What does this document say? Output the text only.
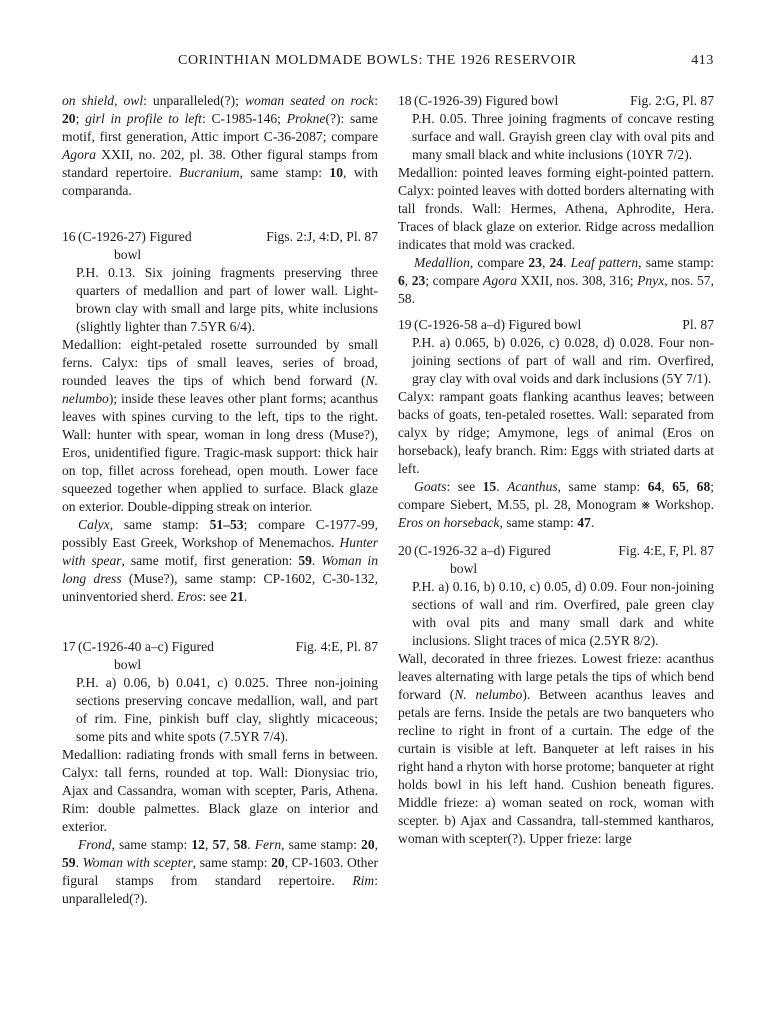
CORINTHIAN MOLDMADE BOWLS: THE 1926 RESERVOIR	413

on shield, owl: unparalleled(?); woman seated on rock: 20; girl in profile to left: C-1985-146; Prokne(?): same motif, first generation, Attic import C-36-2087; compare Agora XXII, no. 202, pl. 38. Other figural stamps from standard repertoire. Bucranium, same stamp: 10, with comparanda.

16 (C-1926-27) Figured
bowl
Figs. 2:J, 4:D, Pl. 87

P.H. 0.13. Six joining fragments preserving three quarters of medallion and part of lower wall. Light-brown clay with small and large pits, white inclusions (slightly lighter than 7.5YR 6/4).

Medallion: eight-petaled rosette surrounded by small ferns. Calyx: tips of small leaves, series of broad, rounded leaves the tips of which bend forward (N. nelumbo); inside these leaves other plant forms; acanthus leaves with spines curving to the left, tips to the right. Wall: hunter with spear, woman in long dress (Muse?), Eros, unidentified figure. Tragic-mask support: thick hair on top, fillet across forehead, open mouth. Lower face squeezed together when applied to surface. Black glaze on exterior. Double-dipping streak on interior.

Calyx, same stamp: 51–53; compare C-1977-99, possibly East Greek, Workshop of Menemachos. Hunter with spear, same motif, first generation: 59. Woman in long dress (Muse?), same stamp: CP-1602, C-30-132, uninventoried sherd. Eros: see 21.

17 (C-1926-40 a–c) Figured
bowl
Fig. 4:E, Pl. 87

P.H. a) 0.06, b) 0.041, c) 0.025. Three non-joining sections preserving concave medallion, wall, and part of rim. Fine, pinkish buff clay, slightly micaceous; some pits and white spots (7.5YR 7/4).

Medallion: radiating fronds with small ferns in between. Calyx: tall ferns, rounded at top. Wall: Dionysiac trio, Ajax and Cassandra, woman with scepter, Paris, Athena. Rim: double palmettes. Black glaze on interior and exterior.

Frond, same stamp: 12, 57, 58. Fern, same stamp: 20, 59. Woman with scepter, same stamp: 20, CP-1603. Other figural stamps from standard repertoire. Rim: unparalleled(?).

18 (C-1926-39) Figured bowl	Fig. 2:G, Pl. 87

P.H. 0.05. Three joining fragments of concave resting surface and wall. Grayish green clay with oval pits and many small black and white inclusions (10YR 7/2).

Medallion: pointed leaves forming eight-pointed pattern. Calyx: pointed leaves with dotted borders alternating with tall fronds. Wall: Hermes, Athena, Aphrodite, Hera. Traces of black glaze on exterior. Ridge across medallion indicates that mold was cracked.

Medallion, compare 23, 24. Leaf pattern, same stamp: 6, 23; compare Agora XXII, nos. 308, 316; Pnyx, nos. 57, 58.

19 (C-1926-58 a–d) Figured bowl	Pl. 87

P.H. a) 0.065, b) 0.026, c) 0.028, d) 0.028. Four non-joining sections of part of wall and rim. Overfired, gray clay with oval voids and dark inclusions (5Y 7/1).

Calyx: rampant goats flanking acanthus leaves; between backs of goats, ten-petaled rosettes. Wall: separated from calyx by ridge; Amymone, legs of animal (Eros on horseback), leafy branch. Rim: Eggs with striated darts at left.

Goats: see 15. Acanthus, same stamp: 64, 65, 68; compare Siebert, M.55, pl. 28, Monogram ⨳ Workshop. Eros on horseback, same stamp: 47.

20 (C-1926-32 a–d) Figured
bowl
Fig. 4:E, F, Pl. 87

P.H. a) 0.16, b) 0.10, c) 0.05, d) 0.09. Four non-joining sections of wall and rim. Overfired, pale green clay with oval pits and many small dark and white inclusions. Slight traces of mica (2.5YR 8/2).

Wall, decorated in three friezes. Lowest frieze: acanthus leaves alternating with large petals the tips of which bend forward (N. nelumbo). Between acanthus leaves and petals are ferns. Inside the petals are two banqueters who recline to right in front of a curtain. The edge of the curtain is visible at left. Banqueter at left raises in his right hand a rhyton with horse protome; banqueter at right holds bowl in his left hand. Cushion beneath figures. Middle frieze: a) woman seated on rock, woman with scepter. b) Ajax and Cassandra, tall-stemmed kantharos, woman with scepter(?). Upper frieze: large
